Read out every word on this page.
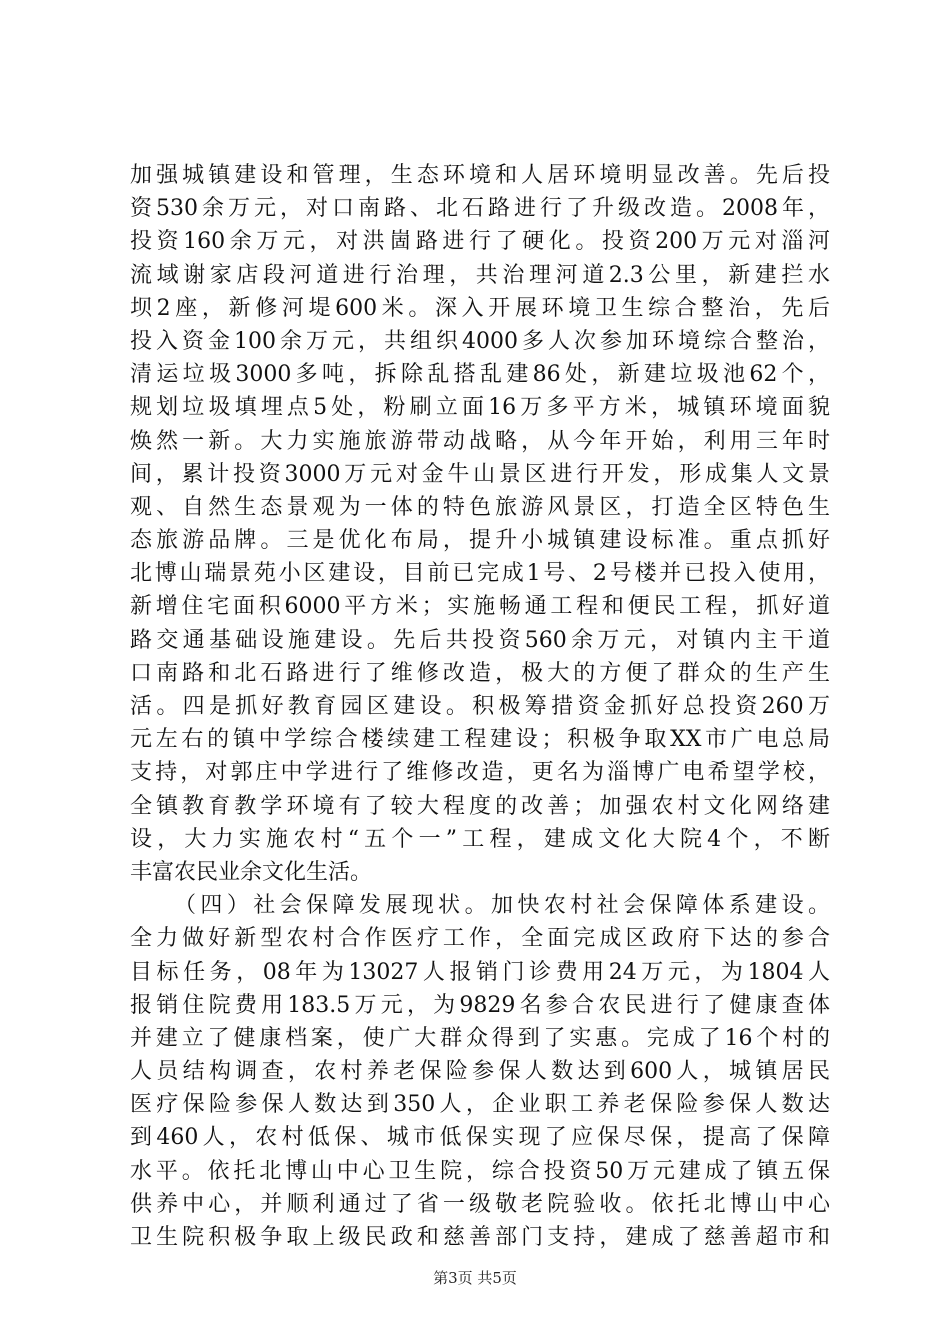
加强城镇建设和管理，生态环境和人居环境明显改善。先后投
资530余万元，对口南路、北石路进行了升级改造。2008年，
投资160余万元，对洪崮路进行了硬化。投资200万元对淄河
流域谢家店段河道进行治理，共治理河道2.3公里，新建拦水
坝2座，新修河堤600米。深入开展环境卫生综合整治，先后
投入资金100余万元，共组织4000多人次参加环境综合整治，
清运垃圾3000多吨，拆除乱搭乱建86处，新建垃圾池62个，
规划垃圾填埋点5处，粉刷立面16万多平方米，城镇环境面貌
焕然一新。大力实施旅游带动战略，从今年开始，利用三年时
间，累计投资3000万元对金牛山景区进行开发，形成集人文景
观、自然生态景观为一体的特色旅游风景区，打造全区特色生
态旅游品牌。三是优化布局，提升小城镇建设标准。重点抓好
北博山瑞景苑小区建设，目前已完成1号、2号楼并已投入使用，
新增住宅面积6000平方米；实施畅通工程和便民工程，抓好道
路交通基础设施建设。先后共投资560余万元，对镇内主干道
口南路和北石路进行了维修改造，极大的方便了群众的生产生
活。四是抓好教育园区建设。积极筹措资金抓好总投资260万
元左右的镇中学综合楼续建工程建设；积极争取XX市广电总局
支持，对郭庄中学进行了维修改造，更名为淄博广电希望学校，
全镇教育教学环境有了较大程度的改善；加强农村文化网络建
设，大力实施农村“五个一”工程，建成文化大院4个，不断
丰富农民业余文化生活。
（四）社会保障发展现状。加快农村社会保障体系建设。
全力做好新型农村合作医疗工作，全面完成区政府下达的参合
目标任务，08年为13027人报销门诊费用24万元，为1804人
报销住院费用183.5万元，为9829名参合农民进行了健康查体
并建立了健康档案，使广大群众得到了实惠。完成了16个村的
人员结构调查，农村养老保险参保人数达到600人，城镇居民
医疗保险参保人数达到350人，企业职工养老保险参保人数达
到460人，农村低保、城市低保实现了应保尽保，提高了保障
水平。依托北博山中心卫生院，综合投资50万元建成了镇五保
供养中心，并顺利通过了省一级敬老院验收。依托北博山中心
卫生院积极争取上级民政和慈善部门支持，建成了慈善超市和
第3页 共5页
